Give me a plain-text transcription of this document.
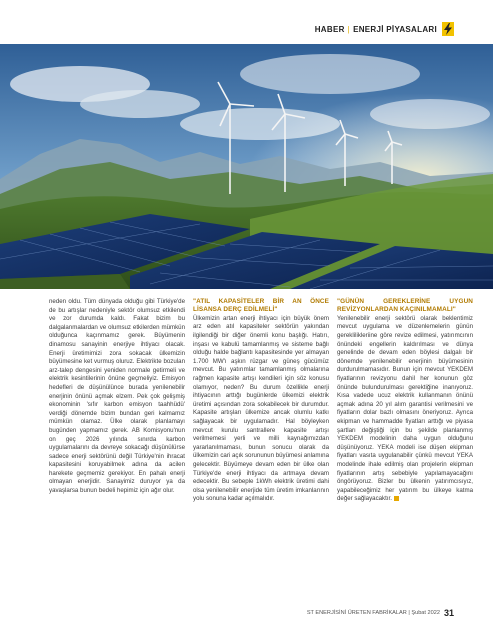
HABER | ENERJİ PİYASALARI

neden oldu. Tüm dünyada olduğu gibi Türkiye'de de bu artışlar nedeniyle sektör olumsuz etkilendi ve zor durumda kaldı. Fakat bizim bu dalgalanmalardan ve olumsuz etkilerden mümkün olduğunca kaçınmamız gerek. Büyümenin dinamosu sanayinin enerjiye ihtiyacı olacak. Enerji üretimimizi zora sokacak ülkemizin büyümesine ket vurmuş oluruz. Elektrikte bozulan arz-talep dengesini yeniden normale getirmeli ve elektrik kesintilerinin önüne geçmeliyiz. Emisyon hedefleri de düşünülünce burada yenilenebilir enerjinin önünü açmak elzem. Pek çok gelişmiş ekonominin 'sıfır karbon emisyon taahhüdü' verdiği dönemde bizim bundan geri kalmamız mümkün olamaz. Ülke olarak planlamayı bugünden yapmamız gerek. AB Komisyonu'nun on geç 2026 yılında sınırda karbon uygulamalarını da devreye sokacağı düşünülürse sadece enerji sektörünü değil Türkiye'nin ihracat kapasitesini koruyabilmek adına da acilen harekete geçmemiz gerekiyor. En pahalı enerji olmayan enerjidir. Sanayimiz duruyor ya da yavaşlarsa bunun bedeli hepimiz için ağır olur.

"ATIL KAPASİTELER BİR AN ÖNCE LİSANSA DERÇ EDİLMELİ"

Ülkemizin artan enerji ihtiyacı için büyük önem arz eden atıl kapasiteler sektörün yakından ilgilendiği bir diğer önemli konu başlığı. Hatırı, inşası ve kabulü tamamlanmış ve sisteme bağlı olduğu halde bağlantı kapasitesinde yer almayan 1.700 MW'ı aşkın rüzgar ve güneş gücümüz mevcut. Bu yatırımlar tamamlanmış olmalarına rağmen kapasite artışı kendileri için söz konusu olamıyor, neden? Bu durum özellikle enerji ihtiyacının arttığı bugünlerde ülkemizi elektrik üretimi açısından zora sokabilecek bir durumdur. Kapasite artışları ülkemize ancak olumlu katkı sağlayacak bir uygulamadır. Hal böyleyken mevcut kurulu santrallere kapasite artışı verilmemesi yerli ve milli kaynağımızdan yararlanılmaması, bunun sonucu olarak da ülkemizin cari açık sorununun büyümesi anlamına gelecektir. Büyümeye devam eden bir ülke olan Türkiye'de enerji ihtiyacı da artmaya devam edecektir. Bu sebeple 1kWh elektrik üretimi dahi olsa yenilenebilir enerjide tüm üretim imkanlarının yolu sonuna kadar açılmalıdır.

"GÜNÜN GEREKLERİNE UYGUN REVİZYONLARDAN KAÇINILMAMALI"

Yenilenebilir enerji sektörü olarak beklentimiz mevcut uygulama ve düzenlemelerin günün gereklilikleriine göre revize edilmesi, yatırımcının önündeki engellerin kaldırılması ve dünya genelinde de devam eden böylesi dalgalı bir dönemde yenilenebilir enerjinin büyümesinin durdurulmamasıdır. Bunun için mevcut YEKDEM fiyatlarının revizyonu dahil her konunun göz önünde bulundurulması gerektiğine inanıyoruz. Kısa vadede ucuz elektrik kullanmanın önünü açmak adına 20 yıl alım garantisi verilmesini ve fiyatların dolar bazlı olmasını öneriyoruz. Ayrıca ekipman ve hammadde fiyatları arttığı ve piyasa şartları değiştiği için bu şekilde planlanmış YEKDEM modelinin daha uygun olduğunu düşünüyoruz. YEKA modeli ise düşen ekipman fiyatları vasıta uygulanabilir çünkü mevcut YEKA modelinde ihale edilmiş olan projelerin ekipman fiyatlarının artış sebebiyle yapılamayacağını öngörüyoruz. Bizler bu ülkenin yatırımcısıyız, yapabileceğimiz her yatırım bu ülkeye katma değer sağlayacaktır.

ST ENERJİSİNİ ÜRETEN FABRİKALAR | Şubat 2022 31
